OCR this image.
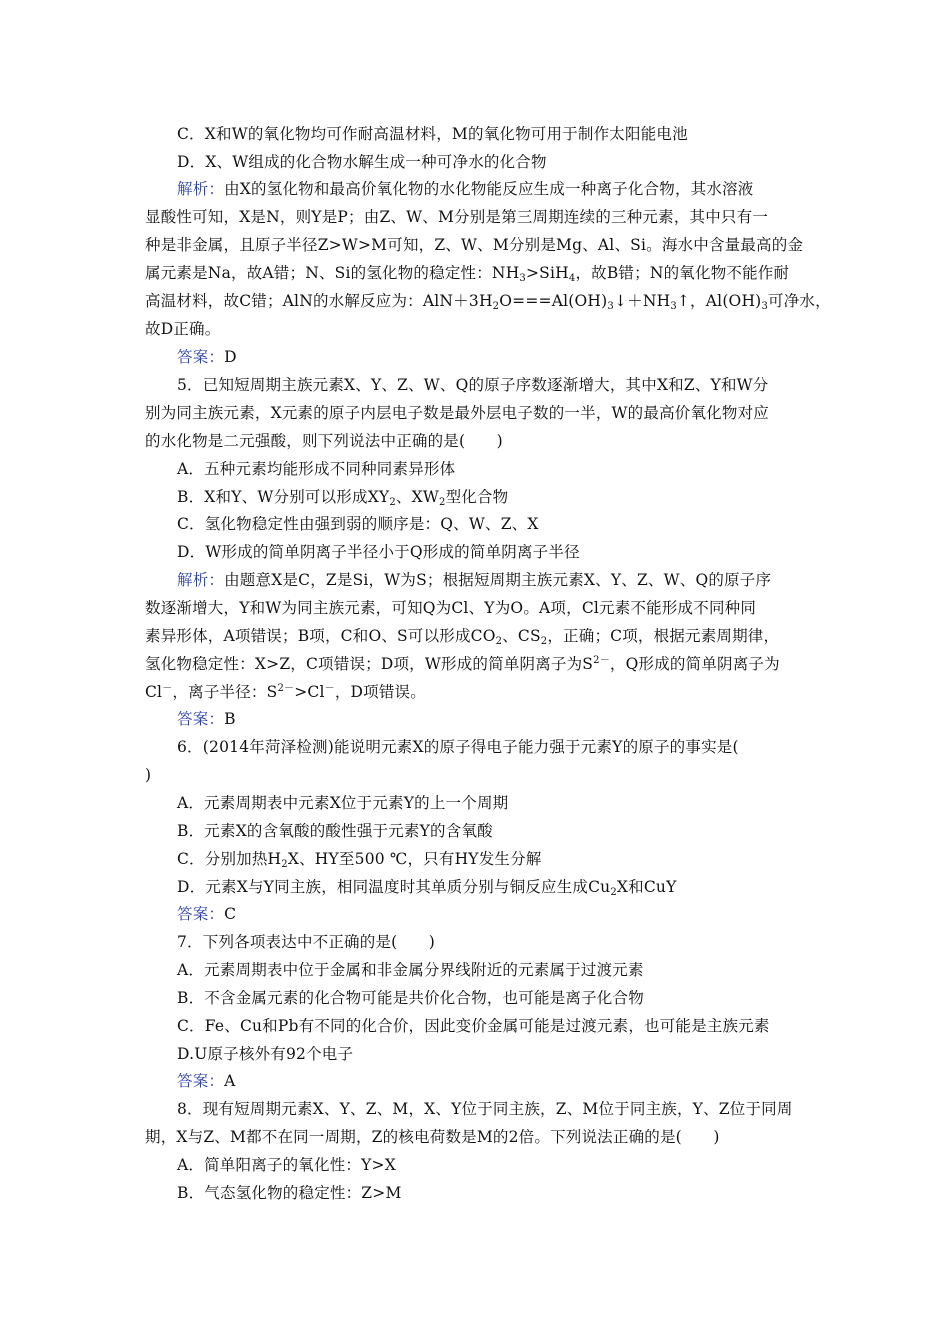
C．X和W的氧化物均可作耐高温材料，M的氧化物可用于制作太阳能电池
D．X、W组成的化合物水解生成一种可净水的化合物
解析：由X的氢化物和最高价氧化物的水化物能反应生成一种离子化合物，其水溶液
显酸性可知，X是N，则Y是P；由Z、W、M分别是第三周期连续的三种元素，其中只有一
种是非金属，且原子半径Z>W>M可知，Z、W、M分别是Mg、Al、Si。海水中含量最高的金
属元素是Na，故A错；N、Si的氢化物的稳定性：$NH_3>SiH_4$，故B错；N的氧化物不能作耐
高温材料，故C错；AlN的水解反应为：$AlN+3H_2O===Al(OH)_3↓+NH_3↑$，$Al(OH)_3$可净水，
故D正确。
答案：D
5．已知短周期主族元素X、Y、Z、W、Q的原子序数逐渐增大，其中X和Z、Y和W分
别为同主族元素，X元素的原子内层电子数是最外层电子数的一半，W的最高价氧化物对应
的水化物是二元强酸，则下列说法中正确的是(　　)
A．五种元素均能形成不同种同素异形体
B．X和Y、W分别可以形成$XY_2$、$XW_2$型化合物
C．氢化物稳定性由强到弱的顺序是：Q、W、Z、X
D．W形成的简单阴离子半径小于Q形成的简单阴离子半径
解析：由题意X是C，Z是Si，W为S；根据短周期主族元素X、Y、Z、W、Q的原子序
数逐渐增大，Y和W为同主族元素，可知Q为Cl、Y为O。A项，Cl元素不能形成不同种同
素异形体，A项错误；B项，C和O、S可以形成$CO_2$、$CS_2$，正确；C项，根据元素周期律，
氢化物稳定性：X>Z，C项错误；D项，W形成的简单阴离子为$S^{2-}$，Q形成的简单阴离子为
Cl－，离子半径：$S^{2-}>Cl^-$，D项错误。
答案：B
6．(2014年菏泽检测)能说明元素X的原子得电子能力强于元素Y的原子的事实是(
)
A．元素周期表中元素X位于元素Y的上一个周期
B．元素X的含氧酸的酸性强于元素Y的含氧酸
C．分别加热$H_2X$、HY至500 ℃，只有HY发生分解
D．元素X与Y同主族，相同温度时其单质分别与铜反应生成$Cu_2X$和CuY
答案：C
7．下列各项表达中不正确的是(　　)
A．元素周期表中位于金属和非金属分界线附近的元素属于过渡元素
B．不含金属元素的化合物可能是共价化合物，也可能是离子化合物
C．Fe、Cu和Pb有不同的化合价，因此变价金属可能是过渡元素，也可能是主族元素
D.U原子核外有92个电子
答案：A
8．现有短周期元素X、Y、Z、M，X、Y位于同主族，Z、M位于同主族，Y、Z位于同周
期，X与Z、M都不在同一周期，Z的核电荷数是M的2倍。下列说法正确的是(　　)
A．简单阳离子的氧化性：Y>X
B．气态氢化物的稳定性：Z>M
